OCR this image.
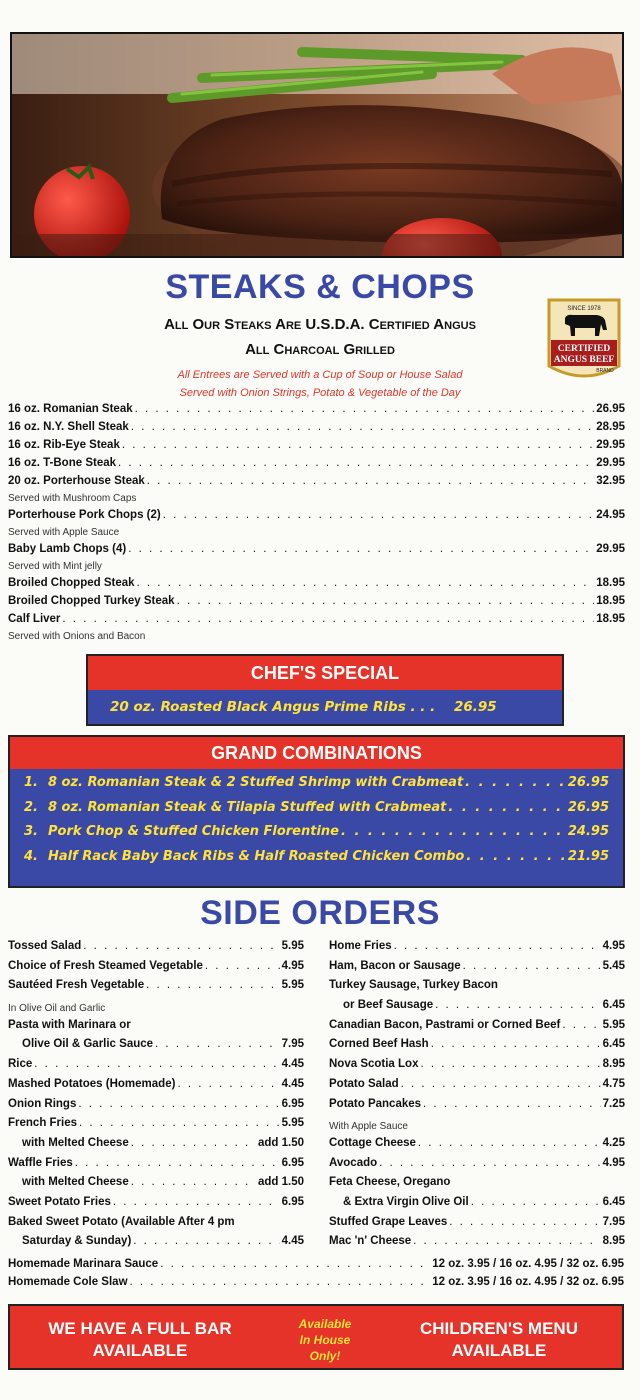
STEAKS & CHOPS
All Our Steaks Are U.S.D.A. Certified Angus
All Charcoal Grilled
All Entrees are Served with a Cup of Soup or House Salad
Served with Onion Strings, Potato & Vegetable of the Day
SINCE 1978
CERTIFIED
ANGUS BEEF
BRAND
16 oz. Romanian Steak . . .	26.95
16 oz. N.Y. Shell Steak . . .	28.95
16 oz. Rib-Eye Steak . . .	29.95
16 oz. T-Bone Steak . . .	29.95
20 oz. Porterhouse Steak . . .	32.95
Served with Mushroom Caps
Porterhouse Pork Chops (2) . . .	24.95
Served with Apple Sauce
Baby Lamb Chops (4) . . .	29.95
Served with Mint jelly
Broiled Chopped Steak . . .	18.95
Broiled Chopped Turkey Steak . . .	18.95
Calf Liver . . .	18.95
Served with Onions and Bacon
CHEF'S SPECIAL
20 oz. Roasted Black Angus Prime Ribs . . . 26.95
GRAND COMBINATIONS
1. 8 oz. Romanian Steak & 2 Stuffed Shrimp with Crabmeat . . .	26.95
2. 8 oz. Romanian Steak & Tilapia Stuffed with Crabmeat . . .	26.95
3. Pork Chop & Stuffed Chicken Florentine . . .	24.95
4. Half Rack Baby Back Ribs & Half Roasted Chicken Combo . . .	21.95
SIDE ORDERS
Tossed Salad . . .	5.95
Choice of Fresh Steamed Vegetable . . .	4.95
Sautéed Fresh Vegetable . . .	5.95
In Olive Oil and Garlic
Pasta with Marinara or
Olive Oil & Garlic Sauce . . .	7.95
Rice . . .	4.45
Mashed Potatoes (Homemade) . . .	4.45
Onion Rings . . .	6.95
French Fries . . .	5.95
with Melted Cheese . . .	add 1.50
Waffle Fries . . .	6.95
with Melted Cheese . . .	add 1.50
Sweet Potato Fries . . .	6.95
Baked Sweet Potato (Available After 4 pm
Saturday & Sunday) . . .	4.45
Home Fries . . .	4.95
Ham, Bacon or Sausage . . .	5.45
Turkey Sausage, Turkey Bacon
or Beef Sausage . . .	6.45
Canadian Bacon, Pastrami or Corned Beef . . .	5.95
Corned Beef Hash . . .	6.45
Nova Scotia Lox . . .	8.95
Potato Salad . . .	4.75
Potato Pancakes . . .	7.25
With Apple Sauce
Cottage Cheese . . .	4.25
Avocado . . .	4.95
Feta Cheese, Oregano
& Extra Virgin Olive Oil . . .	6.45
Stuffed Grape Leaves . . .	7.95
Mac 'n' Cheese . . .	8.95
Homemade Marinara Sauce . . .	12 oz. 3.95 / 16 oz. 4.95 / 32 oz. 6.95
Homemade Cole Slaw . . .	12 oz. 3.95 / 16 oz. 4.95 / 32 oz. 6.95
WE HAVE A FULL BAR
AVAILABLE
Available
In House
Only!
CHILDREN'S MENU
AVAILABLE
